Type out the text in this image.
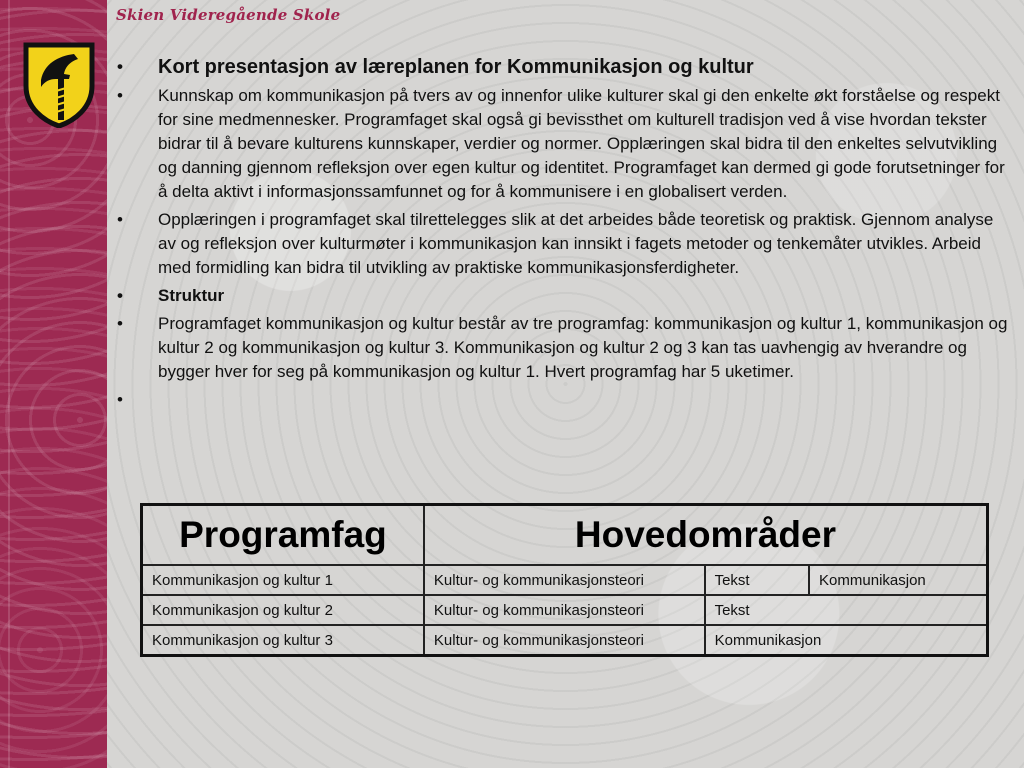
Skien Videregående Skole
• Kort presentasjon av læreplanen for Kommunikasjon og kultur
• Kunnskap om kommunikasjon på tvers av og innenfor ulike kulturer skal gi den enkelte økt forståelse og respekt for sine medmennesker. Programfaget skal også gi bevissthet om kulturell tradisjon ved å vise hvordan tekster bidrar til å bevare kulturens kunnskaper, verdier og normer. Opplæringen skal bidra til den enkeltes selvutvikling og danning gjennom refleksjon over egen kultur og identitet. Programfaget kan dermed gi gode forutsetninger for å delta aktivt i informasjonssamfunnet og for å kommunisere i en globalisert verden.
• Opplæringen i programfaget skal tilrettelegges slik at det arbeides både teoretisk og praktisk. Gjennom analyse av og refleksjon over kulturmøter i kommunikasjon kan innsikt i fagets metoder og tenkemåter utvikles. Arbeid med formidling kan bidra til utvikling av praktiske kommunikasjonsferdigheter.
• Struktur
• Programfaget kommunikasjon og kultur består av tre programfag: kommunikasjon og kultur 1, kommunikasjon og kultur 2 og kommunikasjon og kultur 3. Kommunikasjon og kultur 2 og 3 kan tas uavhengig av hverandre og bygger hver for seg på kommunikasjon og kultur 1. Hvert programfag har 5 uketimer.
Programfag	Hovedområder		
Kommunikasjon og kultur 1	Kultur- og kommunikasjonsteori	Tekst	Kommunikasjon
Kommunikasjon og kultur 2	Kultur- og kommunikasjonsteori	Tekst	
Kommunikasjon og kultur 3	Kultur- og kommunikasjonsteori	Kommunikasjon	
